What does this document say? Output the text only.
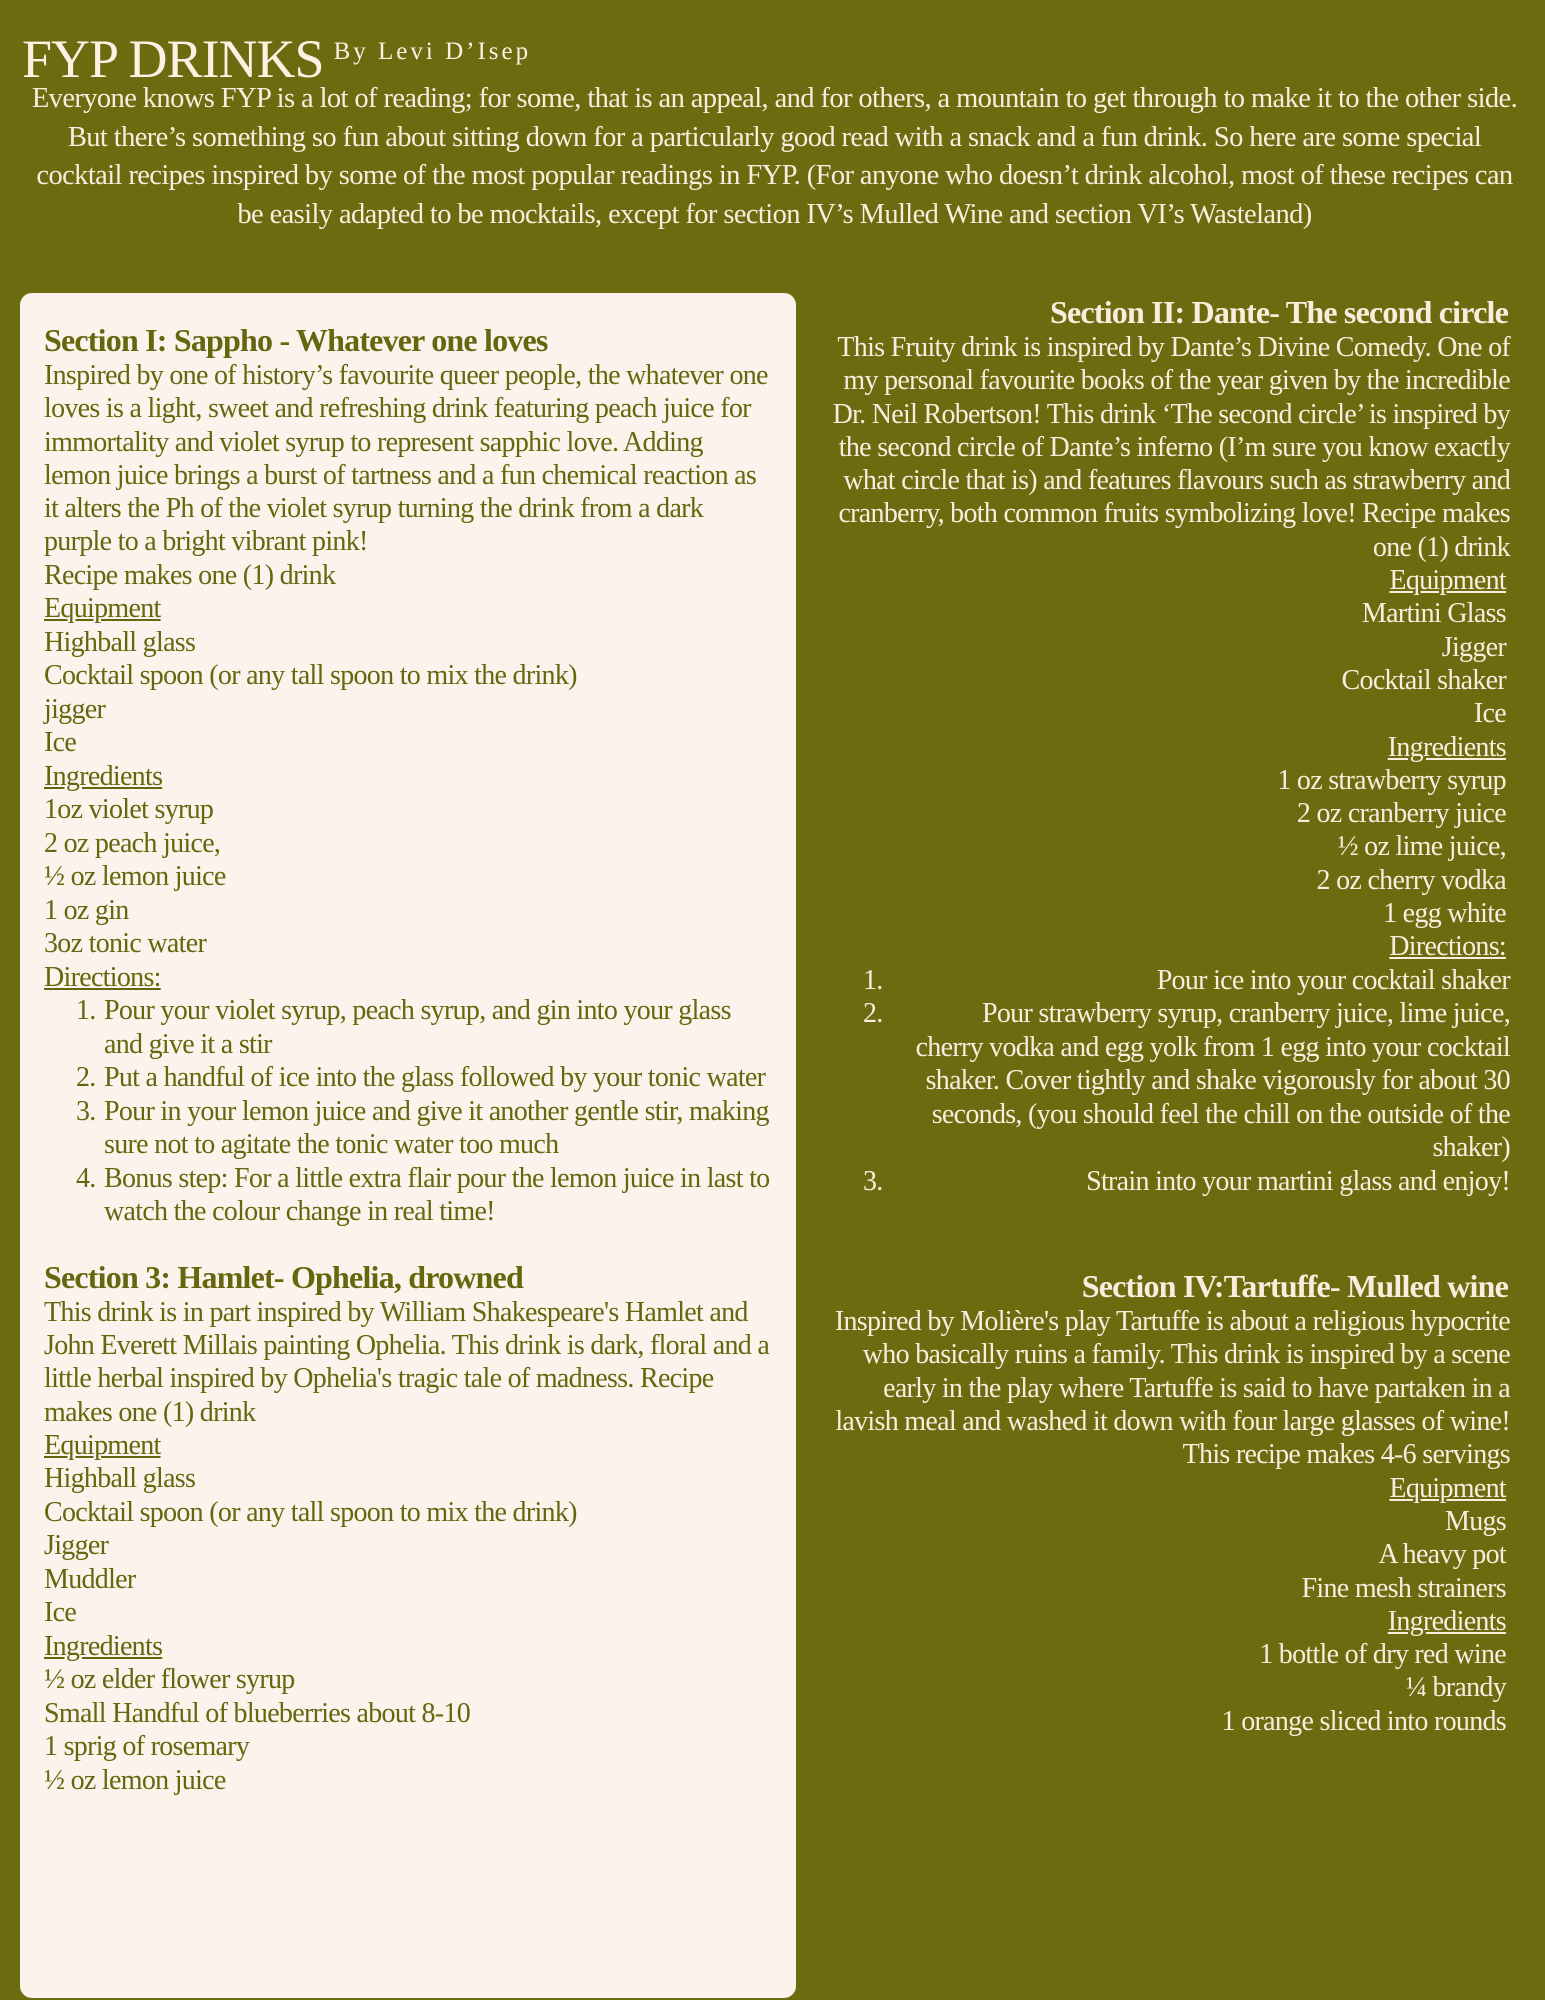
FYP DRINKS By Levi D’Isep
Everyone knows FYP is a lot of reading; for some, that is an appeal, and for others, a mountain to get through to make it to the other side. But there’s something so fun about sitting down for a particularly good read with a snack and a fun drink. So here are some special cocktail recipes inspired by some of the most popular readings in FYP. (For anyone who doesn’t drink alcohol, most of these recipes can be easily adapted to be mocktails, except for section IV’s Mulled Wine and section VI’s Wasteland)
Section I: Sappho - Whatever one loves
Inspired by one of history’s favourite queer people, the whatever one loves is a light, sweet and refreshing drink featuring peach juice for immortality and violet syrup to represent sapphic love. Adding lemon juice brings a burst of tartness and a fun chemical reaction as it alters the Ph of the violet syrup turning the drink from a dark purple to a bright vibrant pink!
Recipe makes one (1) drink
Equipment
Highball glass
Cocktail spoon (or any tall spoon to mix the drink)
jigger
Ice
Ingredients
1oz violet syrup
2 oz peach juice,
½ oz lemon juice
1 oz gin
3oz tonic water
Directions:
1. Pour your violet syrup, peach syrup, and gin into your glass and give it a stir
2. Put a handful of ice into the glass followed by your tonic water
3. Pour in your lemon juice and give it another gentle stir, making sure not to agitate the tonic water too much
4. Bonus step: For a little extra flair pour the lemon juice in last to watch the colour change in real time!
Section 3: Hamlet- Ophelia, drowned
This drink is in part inspired by William Shakespeare's Hamlet and John Everett Millais painting Ophelia. This drink is dark, floral and a little herbal inspired by Ophelia's tragic tale of madness. Recipe makes one (1) drink
Equipment
Highball glass
Cocktail spoon (or any tall spoon to mix the drink)
Jigger
Muddler
Ice
Ingredients
½ oz elder flower syrup
Small Handful of blueberries about 8-10
1 sprig of rosemary
½ oz lemon juice
Section II: Dante- The second circle
This Fruity drink is inspired by Dante’s Divine Comedy. One of my personal favourite books of the year given by the incredible Dr. Neil Robertson! This drink ‘The second circle’ is inspired by the second circle of Dante’s inferno (I’m sure you know exactly what circle that is) and features flavours such as strawberry and cranberry, both common fruits symbolizing love! Recipe makes one (1) drink
Equipment
Martini Glass
Jigger
Cocktail shaker
Ice
Ingredients
1 oz strawberry syrup
2 oz cranberry juice
½ oz lime juice,
2 oz cherry vodka
1 egg white
Directions:
1.	Pour ice into your cocktail shaker
2.	Pour strawberry syrup, cranberry juice, lime juice, cherry vodka and egg yolk from 1 egg into your cocktail shaker. Cover tightly and shake vigorously for about 30 seconds, (you should feel the chill on the outside of the shaker)
3.	Strain into your martini glass and enjoy!
Section IV:Tartuffe- Mulled wine
Inspired by Molière's play Tartuffe is about a religious hypocrite who basically ruins a family. This drink is inspired by a scene early in the play where Tartuffe is said to have partaken in a lavish meal and washed it down with four large glasses of wine! This recipe makes 4-6 servings
Equipment
Mugs
A heavy pot
Fine mesh strainers
Ingredients
1 bottle of dry red wine
¼ brandy
1 orange sliced into rounds
